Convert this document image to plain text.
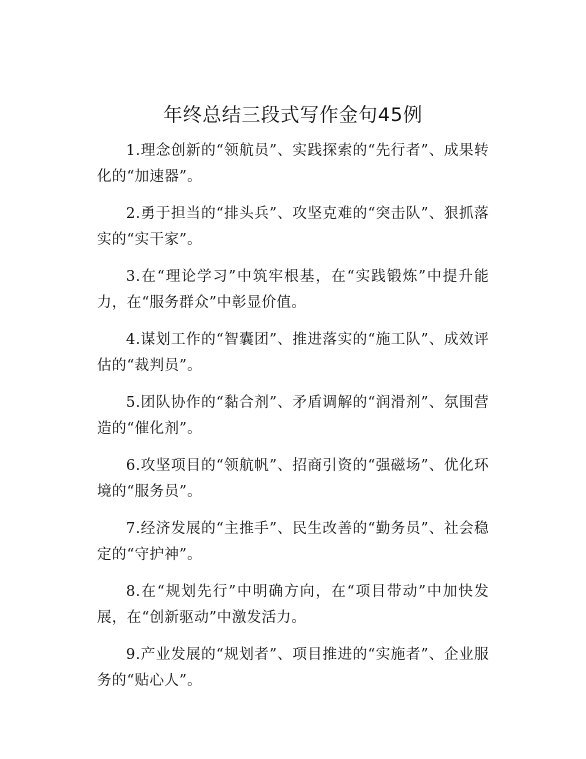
年终总结三段式写作金句45例

1.理念创新的“领航员”、实践探索的“先行者”、成果转化的“加速器”。

2.勇于担当的“排头兵”、攻坚克难的“突击队”、狠抓落实的“实干家”。

3.在“理论学习”中筑牢根基，在“实践锻炼”中提升能力，在“服务群众”中彰显价值。

4.谋划工作的“智囊团”、推进落实的“施工队”、成效评估的“裁判员”。

5.团队协作的“黏合剂”、矛盾调解的“润滑剂”、氛围营造的“催化剂”。

6.攻坚项目的“领航帆”、招商引资的“强磁场”、优化环境的“服务员”。

7.经济发展的“主推手”、民生改善的“勤务员”、社会稳定的“守护神”。

8.在“规划先行”中明确方向，在“项目带动”中加快发展，在“创新驱动”中激发活力。

9.产业发展的“规划者”、项目推进的“实施者”、企业服务的“贴心人”。
